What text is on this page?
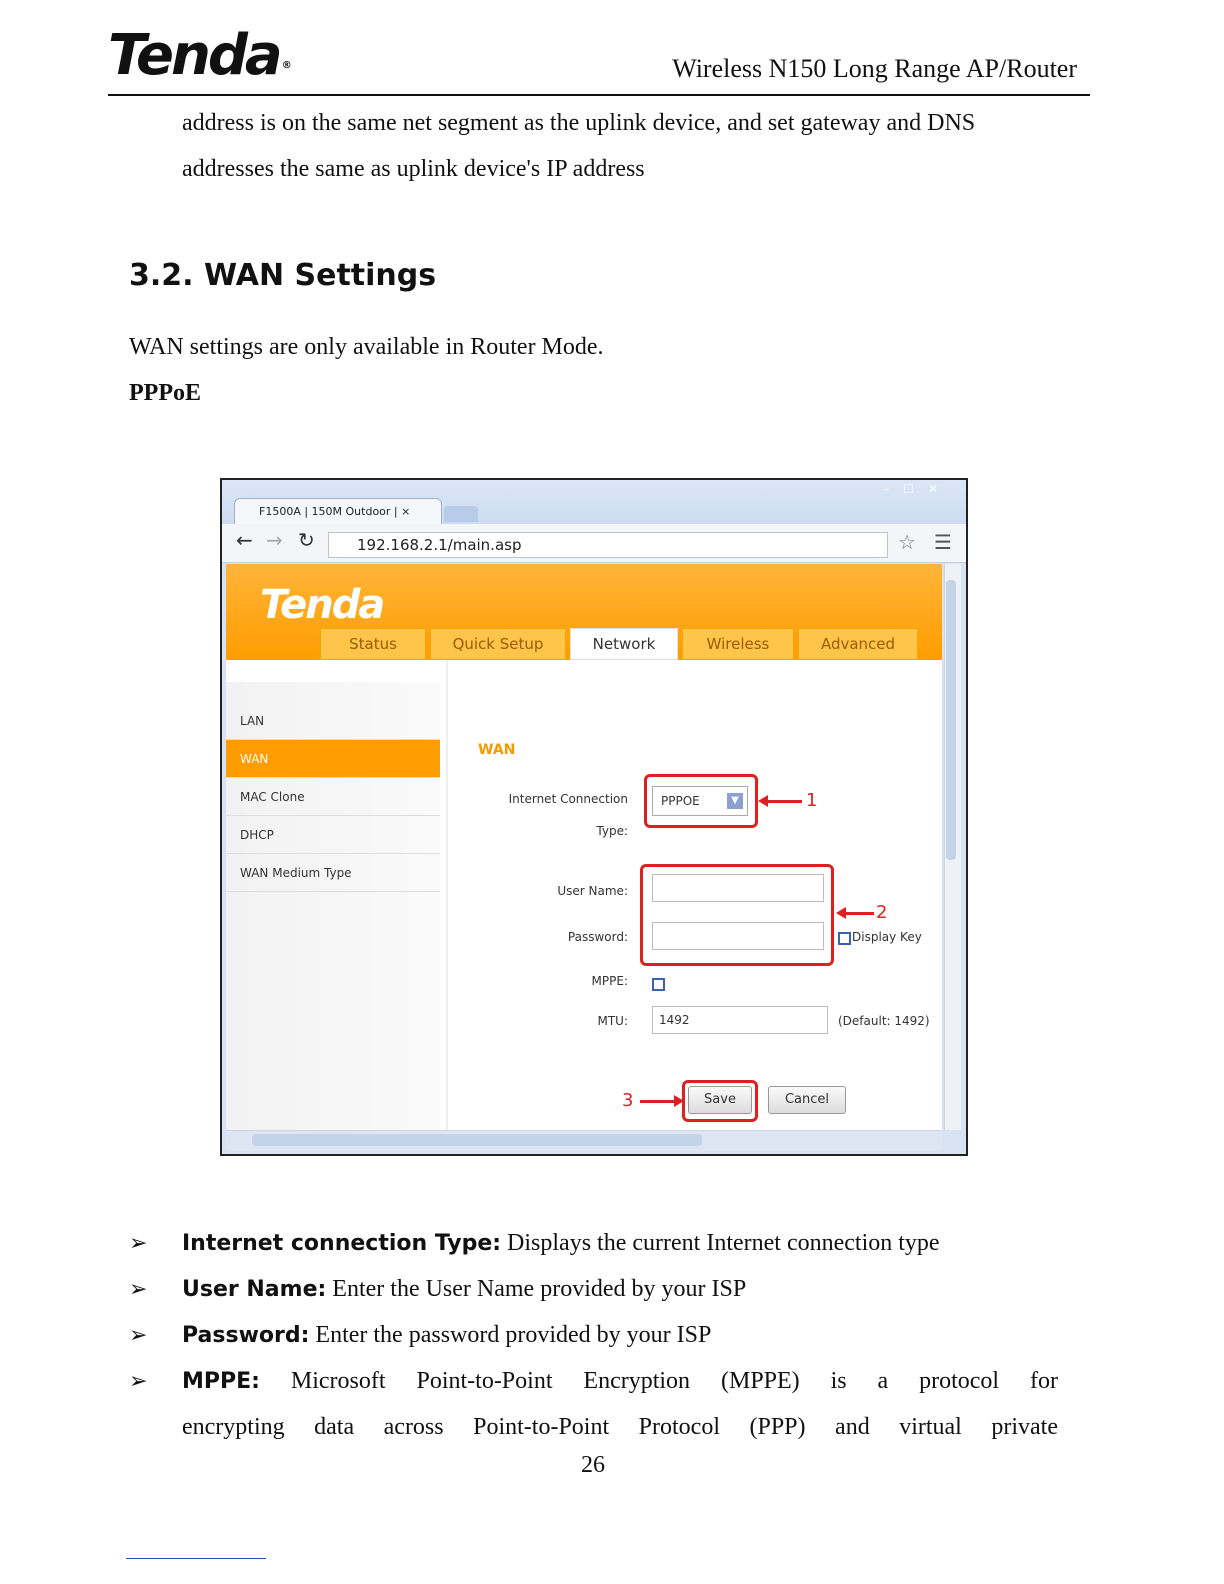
Tenda ®	Wireless N150 Long Range AP/Router
address is on the same net segment as the uplink device, and set gateway and DNS addresses the same as uplink device's IP address
3.2. WAN Settings
WAN settings are only available in Router Mode.
PPPoE
–☐✕
F1500A | 150M Outdoor | ×
← → ↻	192.168.2.1/main.asp	☆ ☰
Tenda
Status	Quick Setup	Network	Wireless	Advanced
LAN
WAN
MAC Clone
DHCP
WAN Medium Type
WAN
Internet Connection
Type:
PPPOE	▼	1
User Name:
Password:
2
Display Key
MPPE:
MTU:	1492	(Default: 1492)
3	Save	Cancel
➢ Internet connection Type: Displays the current Internet connection type
➢ User Name: Enter the User Name provided by your ISP
➢ Password: Enter the password provided by your ISP
➢ MPPE: Microsoft Point-to-Point Encryption (MPPE) is a protocol for
encrypting data across Point-to-Point Protocol (PPP) and virtual private
26
